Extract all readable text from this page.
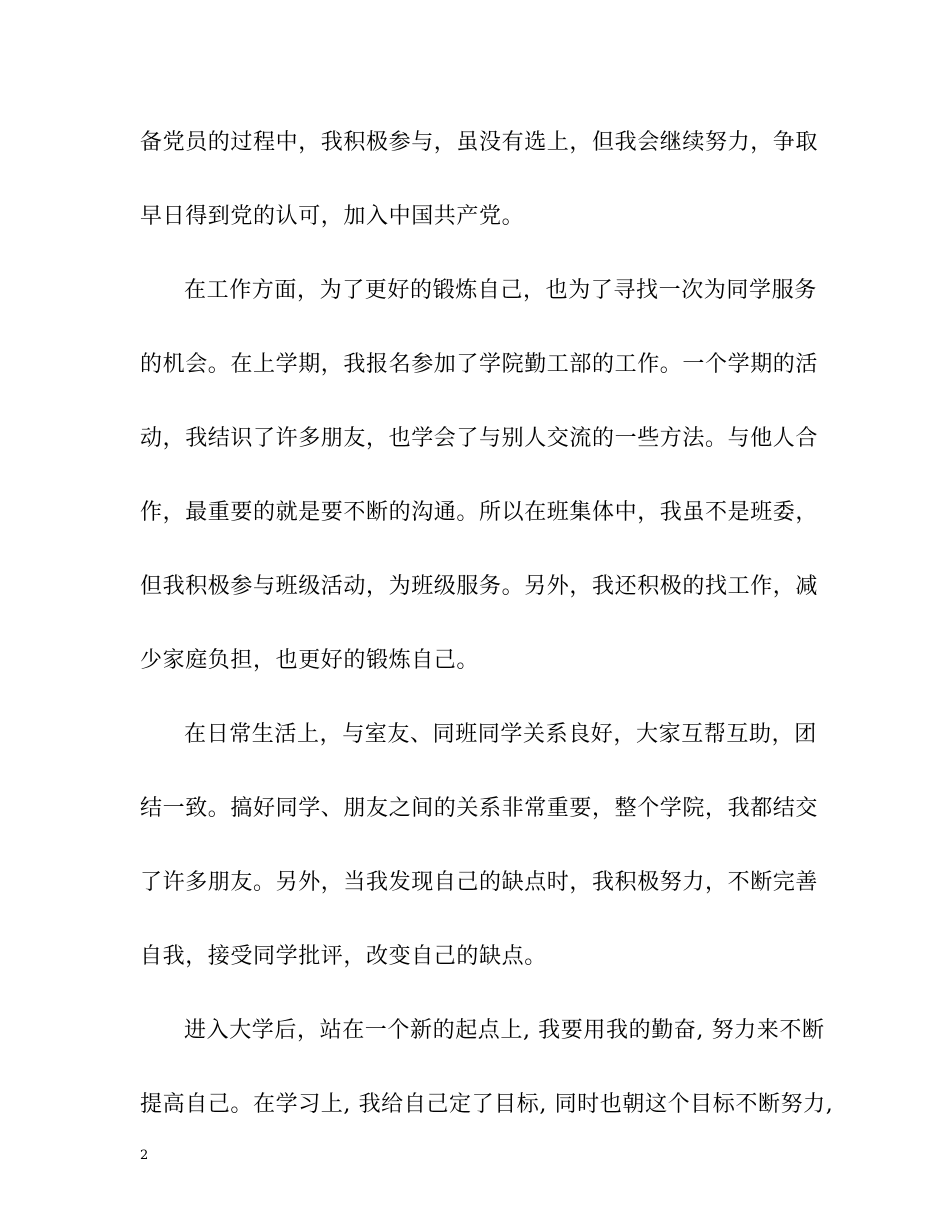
备党员的过程中，我积极参与，虽没有选上，但我会继续努力，争取
早日得到党的认可，加入中国共产党。
在工作方面，为了更好的锻炼自己，也为了寻找一次为同学服务
的机会。在上学期，我报名参加了学院勤工部的工作。一个学期的活
动，我结识了许多朋友，也学会了与别人交流的一些方法。与他人合
作，最重要的就是要不断的沟通。所以在班集体中，我虽不是班委，
但我积极参与班级活动，为班级服务。另外，我还积极的找工作，减
少家庭负担，也更好的锻炼自己。
在日常生活上，与室友、同班同学关系良好，大家互帮互助，团
结一致。搞好同学、朋友之间的关系非常重要，整个学院，我都结交
了许多朋友。另外，当我发现自己的缺点时，我积极努力，不断完善
自我，接受同学批评，改变自己的缺点。
进入大学后，站在一个新的起点上, 我要用我的勤奋, 努力来不断
提高自己。在学习上, 我给自己定了目标, 同时也朝这个目标不断努力,
2
